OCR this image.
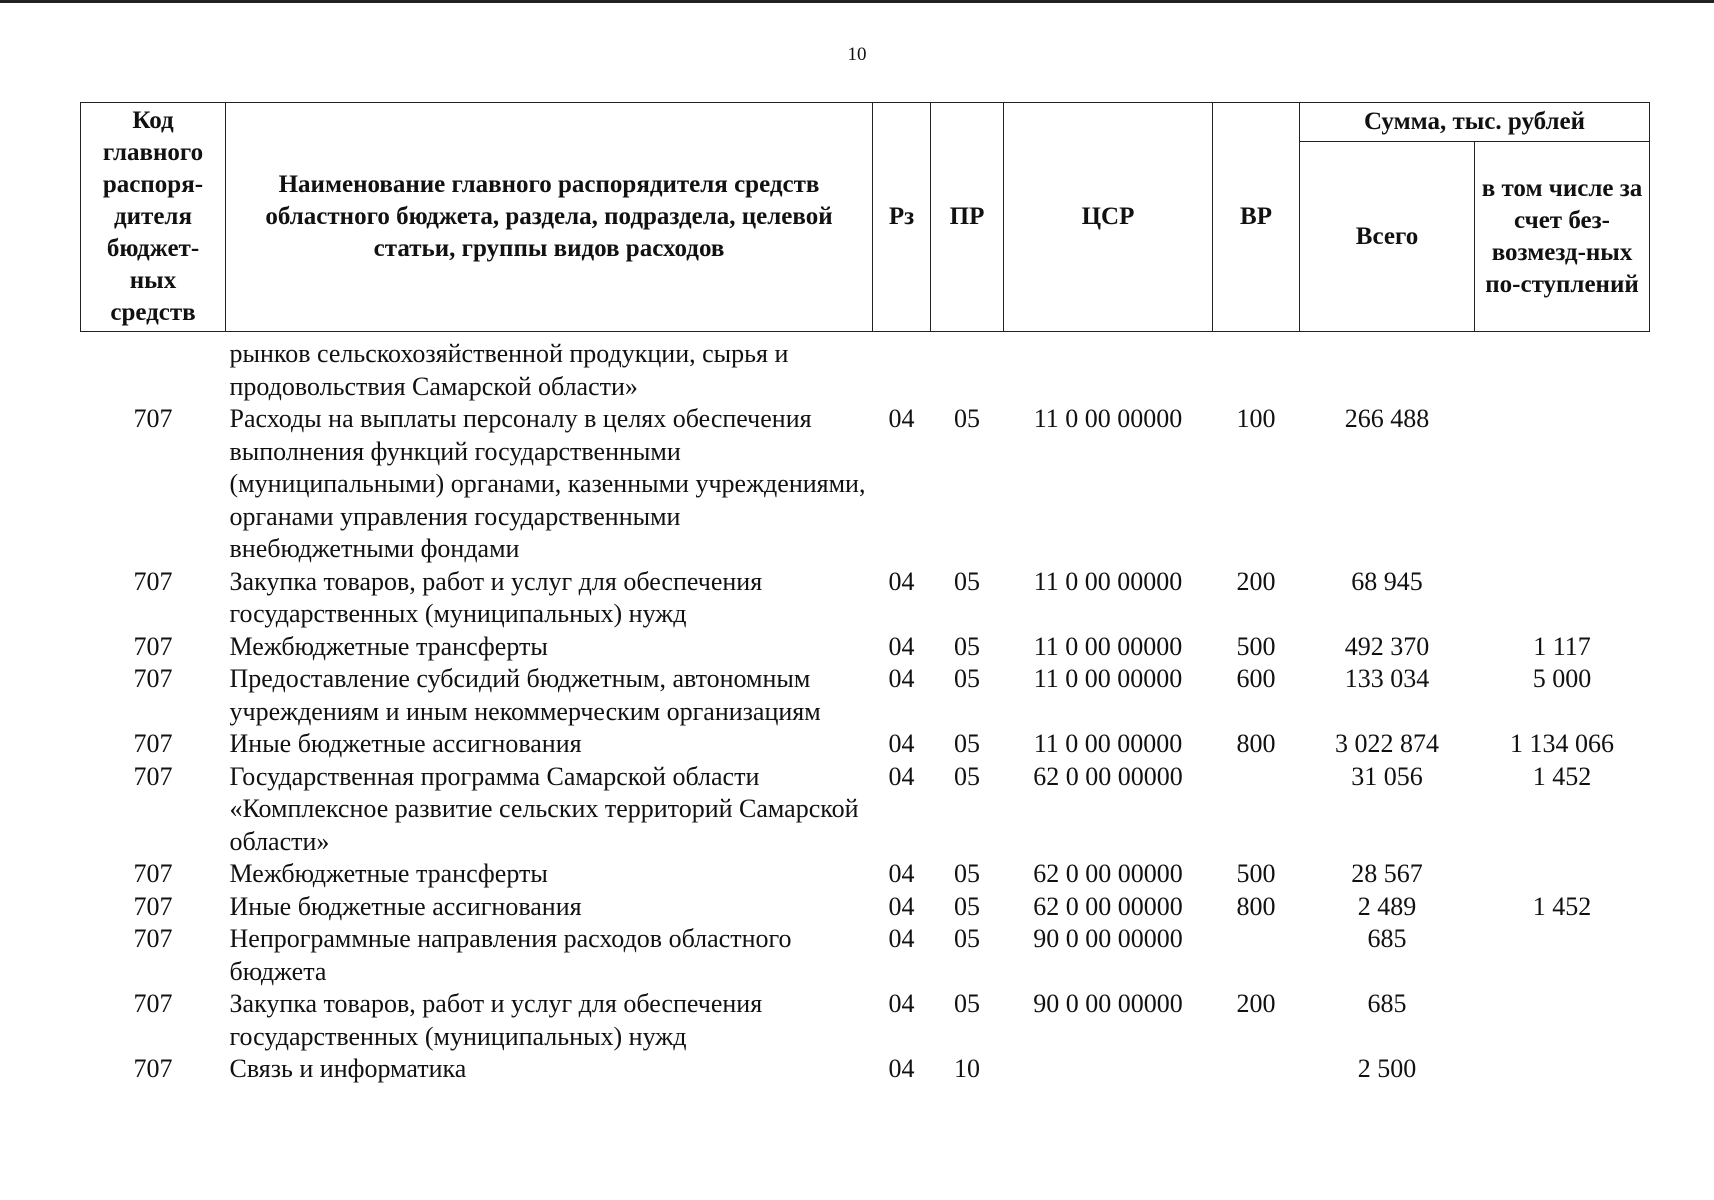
10
Код главного распоря-дителя бюджет-ных средств	Наименование главного распорядителя средств областного бюджета, раздела, подраздела, целевой статьи, группы видов расходов	Рз	ПР	ЦСР	ВР	Сумма, тыс. рублей	
						Всего	в том числе за счет без-возмезд-ных по-ступлений
	рынков сельскохозяйственной продукции, сырья и продовольствия Самарской области»						
707	Расходы на выплаты персоналу в целях обеспечения выполнения функций государственными (муниципальными) органами, казенными учреждениями, органами управления государственными внебюджетными фондами	04	05	11 0 00 00000	100	266 488	
707	Закупка товаров, работ и услуг для обеспечения государственных (муниципальных) нужд	04	05	11 0 00 00000	200	68 945	
707	Межбюджетные трансферты	04	05	11 0 00 00000	500	492 370	1 117
707	Предоставление субсидий бюджетным, автономным учреждениям и иным некоммерческим организациям	04	05	11 0 00 00000	600	133 034	5 000
707	Иные бюджетные ассигнования	04	05	11 0 00 00000	800	3 022 874	1 134 066
707	Государственная программа Самарской области «Комплексное развитие сельских территорий Самарской области»	04	05	62 0 00 00000		31 056	1 452
707	Межбюджетные трансферты	04	05	62 0 00 00000	500	28 567	
707	Иные бюджетные ассигнования	04	05	62 0 00 00000	800	2 489	1 452
707	Непрограммные направления расходов областного бюджета	04	05	90 0 00 00000		685	
707	Закупка товаров, работ и услуг для обеспечения государственных (муниципальных) нужд	04	05	90 0 00 00000	200	685	
707	Связь и информатика	04	10			2 500	
